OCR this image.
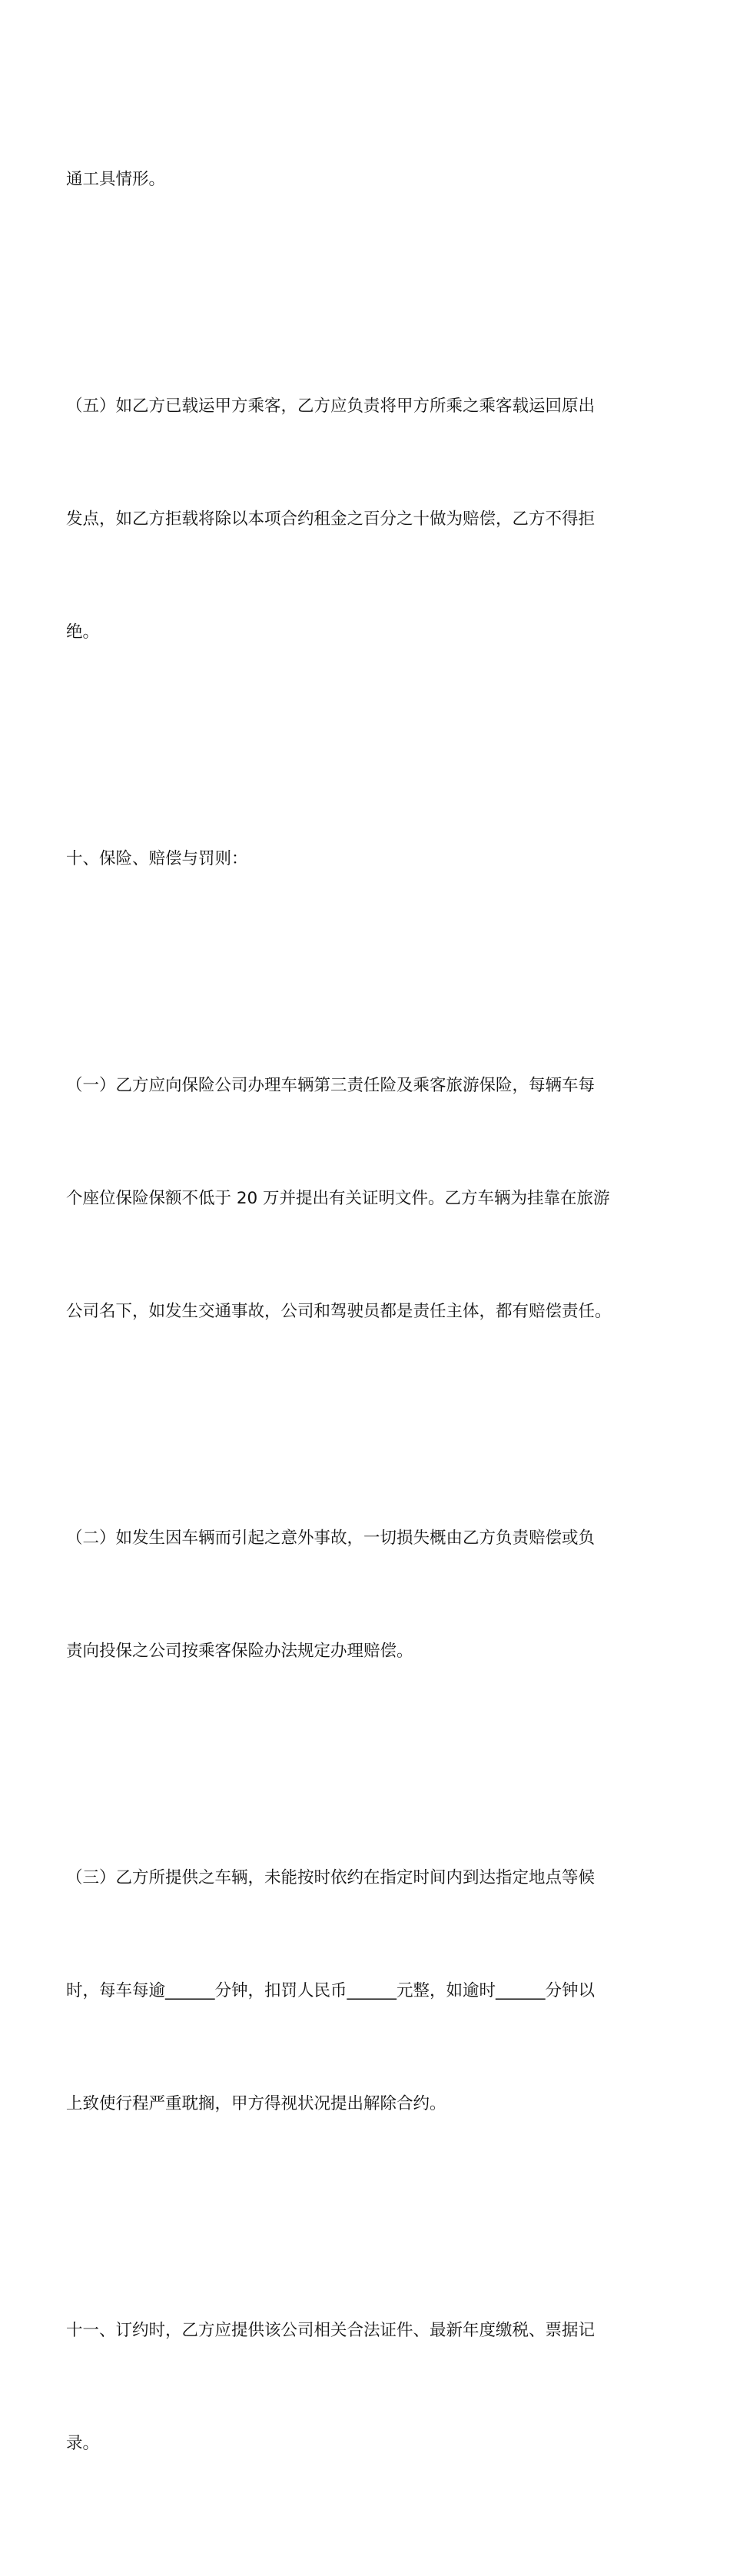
通工具情形。

（五）如乙方已载运甲方乘客，乙方应负责将甲方所乘之乘客载运回原出

发点，如乙方拒载将除以本项合约租金之百分之十做为赔偿，乙方不得拒

绝。

十、保险、赔偿与罚则：

（一）乙方应向保险公司办理车辆第三责任险及乘客旅游保险，每辆车每

个座位保险保额不低于 20 万并提出有关证明文件。乙方车辆为挂靠在旅游

公司名下，如发生交通事故，公司和驾驶员都是责任主体，都有赔偿责任。

（二）如发生因车辆而引起之意外事故，一切损失概由乙方负责赔偿或负

责向投保之公司按乘客保险办法规定办理赔偿。

（三）乙方所提供之车辆，未能按时依约在指定时间内到达指定地点等候

时，每车每逾______分钟，扣罚人民币______元整，如逾时______分钟以

上致使行程严重耽搁，甲方得视状况提出解除合约。

十一、订约时，乙方应提供该公司相关合法证件、最新年度缴税、票据记

录。
